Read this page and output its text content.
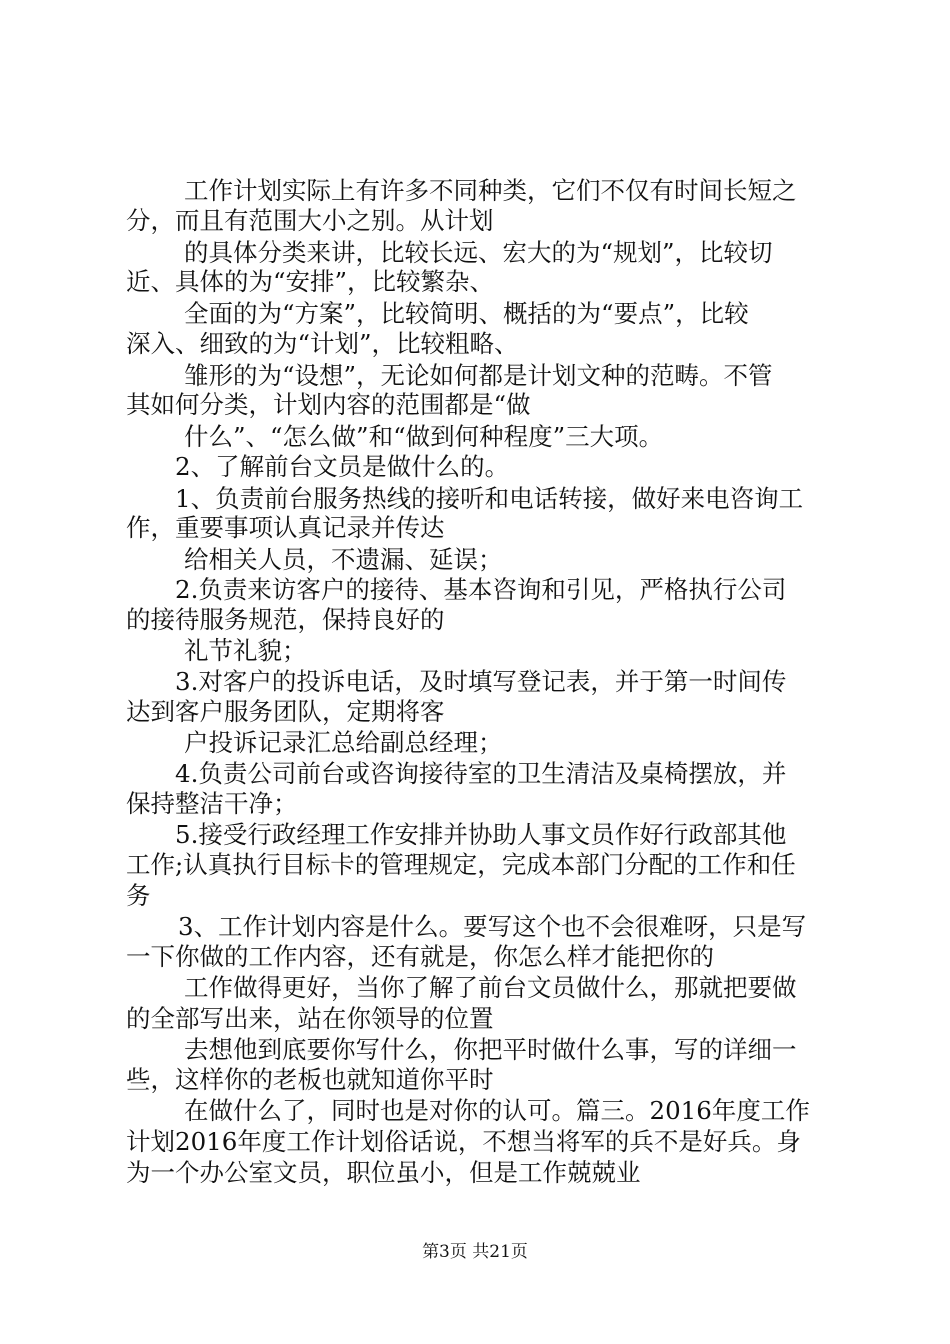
工作计划实际上有许多不同种类，它们不仅有时间长短之
分，而且有范围大小之别。从计划
的具体分类来讲，比较长远、宏大的为“规划”，比较切
近、具体的为“安排”，比较繁杂、
全面的为“方案”，比较简明、概括的为“要点”，比较
深入、细致的为“计划”，比较粗略、
雏形的为“设想”，无论如何都是计划文种的范畴。不管
其如何分类，计划内容的范围都是“做
什么”、“怎么做”和“做到何种程度”三大项。
2、了解前台文员是做什么的。
1、负责前台服务热线的接听和电话转接，做好来电咨询工
作，重要事项认真记录并传达
给相关人员，不遗漏、延误；
2.负责来访客户的接待、基本咨询和引见，严格执行公司
的接待服务规范，保持良好的
礼节礼貌；
3.对客户的投诉电话，及时填写登记表，并于第一时间传
达到客户服务团队，定期将客
户投诉记录汇总给副总经理；
4.负责公司前台或咨询接待室的卫生清洁及桌椅摆放，并
保持整洁干净；
5.接受行政经理工作安排并协助人事文员作好行政部其他
工作;认真执行目标卡的管理规定，完成本部门分配的工作和任
务
3、工作计划内容是什么。要写这个也不会很难呀，只是写
一下你做的工作内容，还有就是，你怎么样才能把你的
工作做得更好，当你了解了前台文员做什么，那就把要做
的全部写出来，站在你领导的位置
去想他到底要你写什么，你把平时做什么事，写的详细一
些，这样你的老板也就知道你平时
在做什么了，同时也是对你的认可。篇三。2016年度工作
计划2016年度工作计划俗话说，不想当将军的兵不是好兵。身
为一个办公室文员，职位虽小，但是工作兢兢业
第3页 共21页
